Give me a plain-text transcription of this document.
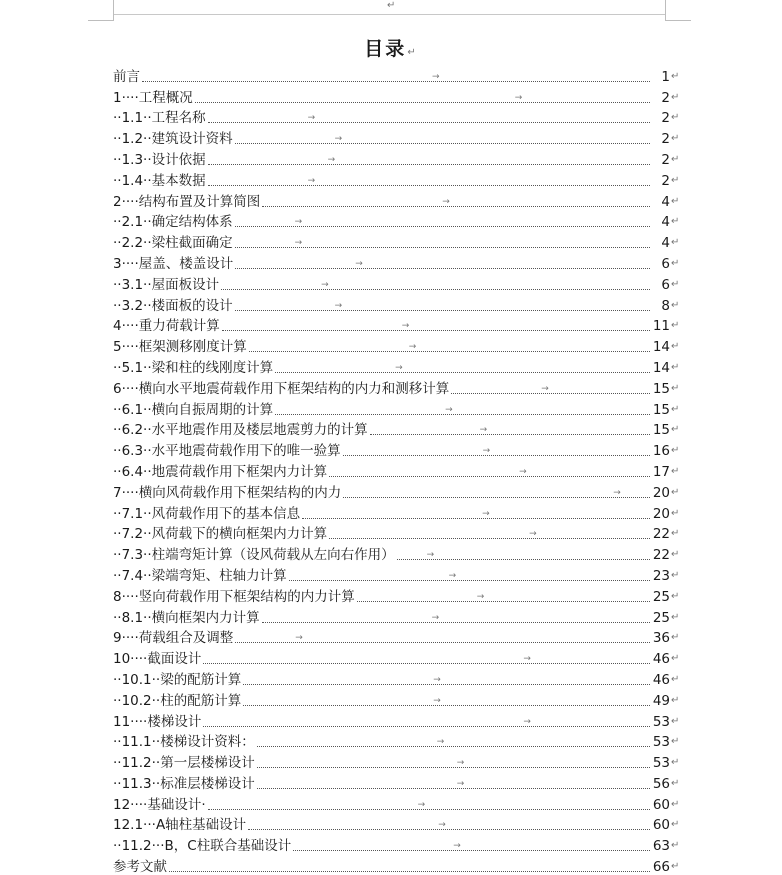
↵
目录↵
前言	→	1 ↵
1···· 工程概况	→	2 ↵
··1.1·· 工程名称	→	2 ↵
··1.2·· 建筑设计资料	→	2 ↵
··1.3·· 设计依据	→	2 ↵
··1.4·· 基本数据	→	2 ↵
2···· 结构布置及计算简图	→	4 ↵
··2.1·· 确定结构体系	→	4 ↵
··2.2·· 梁柱截面确定	→	4 ↵
3···· 屋盖、楼盖设计	→	6 ↵
··3.1·· 屋面板设计	→	6 ↵
··3.2·· 楼面板的设计	→	8 ↵
4···· 重力荷载计算	→	11 ↵
5···· 框架测移刚度计算	→	14 ↵
··5.1·· 梁和柱的线刚度计算	→	14 ↵
6···· 横向水平地震荷载作用下框架结构的内力和测移计算	→	15 ↵
··6.1·· 横向自振周期的计算	→	15 ↵
··6.2·· 水平地震作用及楼层地震剪力的计算	→	15 ↵
··6.3·· 水平地震荷载作用下的唯一验算	→	16 ↵
··6.4·· 地震荷载作用下框架内力计算	→	17 ↵
7···· 横向风荷载作用下框架结构的内力	→ 20 ↵
··7.1·· 风荷载作用下的基本信息	→	20 ↵
··7.2·· 风荷载下的横向框架内力计算	→	22 ↵
··7.3·· 柱端弯矩计算（设风荷载从左向右作用）	→	22 ↵
··7.4·· 梁端弯矩、柱轴力计算	→	23 ↵
8···· 竖向荷载作用下框架结构的内力计算	→	25 ↵
··8.1·· 横向框架内力计算	→	25 ↵
9···· 荷载组合及调整	→	36 ↵
10···· 截面设计	→	46 ↵
··10.1·· 梁的配筋计算	→	46 ↵
··10.2·· 柱的配筋计算	→	49 ↵
11···· 楼梯设计	→	53 ↵
··11.1·· 楼梯设计资料：	→	53 ↵
··11.2·· 第一层楼梯设计	→	53 ↵
··11.3·· 标准层楼梯设计	→	56 ↵
12···· 基础设计·	→	60 ↵
12.1··· A轴柱基础设计	→	60 ↵
··11.2··· B，C柱联合基础设计	→	63 ↵
参考文献	66 ↵
